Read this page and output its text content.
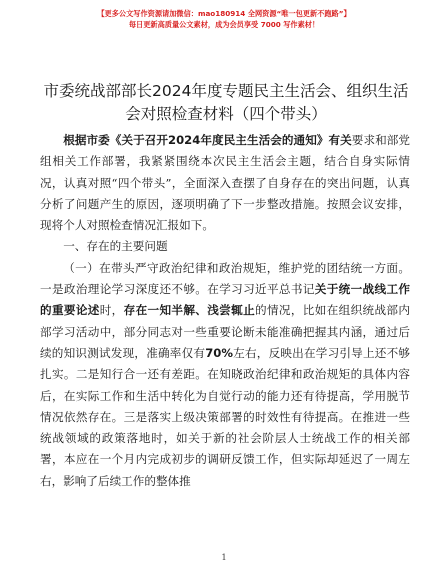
【更多公文写作资源请加微信：mao180914 全网资源“唯一包更新不跑路”】
每日更新高质量公文素材，成为会员享受 7000 写作素材！
市委统战部部长2024年度专题民主生活会、组织生活会对照检查材料（四个带头）

根据市委《关于召开2024年度民主生活会的通知》有关要求和部党组相关工作部署，我紧紧围绕本次民主生活会主题，结合自身实际情况，认真对照“四个带头”，全面深入查摆了自身存在的突出问题，认真分析了问题产生的原因，逐项明确了下一步整改措施。按照会议安排，现将个人对照检查情况汇报如下。

一、存在的主要问题

（一）在带头严守政治纪律和政治规矩，维护党的团结统一方面。一是政治理论学习深度还不够。在学习习近平总书记关于统一战线工作的重要论述时，存在一知半解、浅尝辄止的情况，比如在组织统战部内部学习活动中，部分同志对一些重要论断未能准确把握其内涵，通过后续的知识测试发现，准确率仅有70%左右，反映出在学习引导上还不够扎实。二是知行合一还有差距。在知晓政治纪律和政治规矩的具体内容后，在实际工作和生活中转化为自觉行动的能力还有待提高，学用脱节情况依然存在。三是落实上级决策部署的时效性有待提高。在推进一些统战领域的政策落地时，如关于新的社会阶层人士统战工作的相关部署，本应在一个月内完成初步的调研反馈工作，但实际却延迟了一周左右，影响了后续工作的整体推

1
